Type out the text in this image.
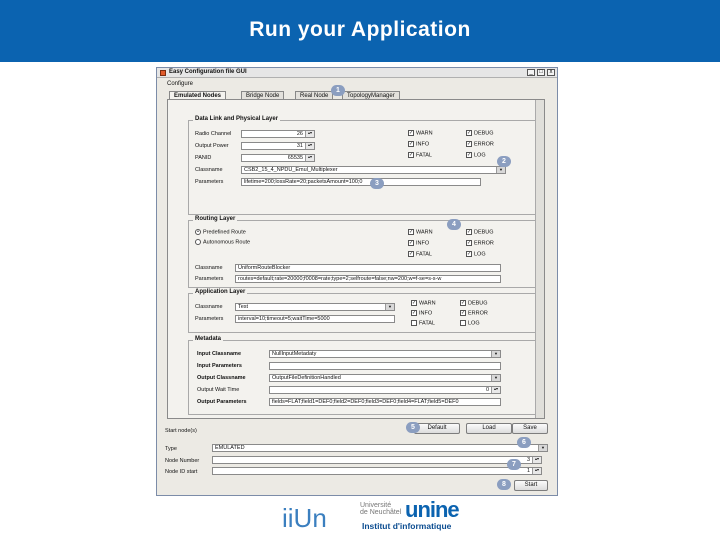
Run your Application
Easy Configuration file GUI	_	□	x
Configure
Emulated Nodes	Bridge Node	Real Node	TopologyManager
Data Link and Physical Layer
Radio Channel	26	▴▾
Output Power	31	▴▾
PANID	65535	▴▾
✓ WARN	✓ DEBUG
✓ INFO	✓ ERROR
✓ FATAL	✓ LOG
Classname	CSB2_15_4_NPDU_Emul_Multiplexer	▼
Parameters	lifetime=200;lossRate=20;packetsAmount=100;0
Routing Layer
• Predefined Route
Autonomous Route
✓ WARN	✓ DEBUG
✓ INFO	✓ ERROR
✓ FATAL	✓ LOG
Classname	UniformRouteBlocker
Parameters	routes=default;rate=20000;f0008=rate;type=2;selfroute=false;nw=200;w=f-se=s-s-w
Application Layer
Classname	Test	▼
Parameters	interval=10;timeout=5;waitTime=5000
✓ WARN	✓ DEBUG
✓ INFO	✓ ERROR
FATAL	LOG
Metadata
Input Classname	NullInputMetadaty	▼
Input Parameters
Output Classname	OutputFileDefinitionHandled	▼
Output Wait Time	0	▴▾
Output Parameters	fields=FLAT;field1=DEF0;field2=DEF0;field3=DEF0;field4=FLAT;field5=DEF0
Default	Load	Save
Start node(s)
Type	EMULATED	▼
Node Number	3	▴▾
Node ID start	1	▴▾
Start
1
2
3
4
5
6
7
8
iiUn	Université
de Neuchâtel unine
Institut d'informatique
